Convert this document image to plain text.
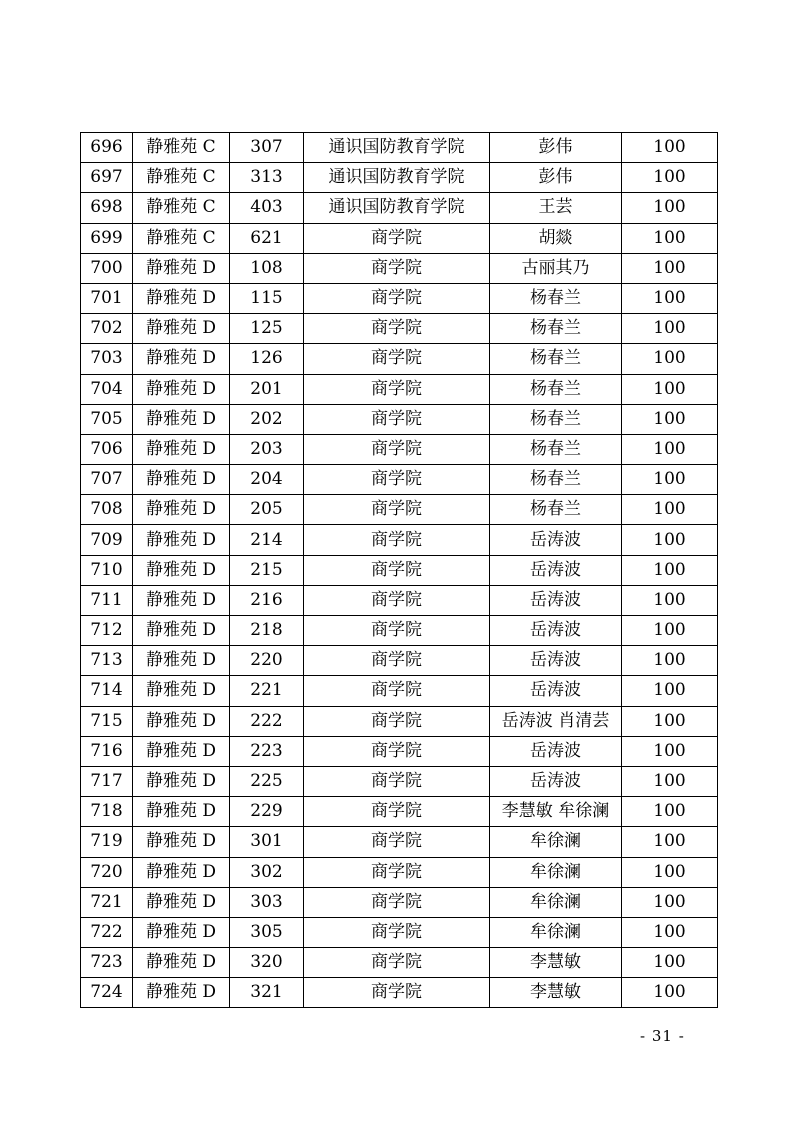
696	静雅苑 C	307	通识国防教育学院	彭伟	100
697	静雅苑 C	313	通识国防教育学院	彭伟	100
698	静雅苑 C	403	通识国防教育学院	王芸	100
699	静雅苑 C	621	商学院	胡燚	100
700	静雅苑 D	108	商学院	古丽其乃	100
701	静雅苑 D	115	商学院	杨春兰	100
702	静雅苑 D	125	商学院	杨春兰	100
703	静雅苑 D	126	商学院	杨春兰	100
704	静雅苑 D	201	商学院	杨春兰	100
705	静雅苑 D	202	商学院	杨春兰	100
706	静雅苑 D	203	商学院	杨春兰	100
707	静雅苑 D	204	商学院	杨春兰	100
708	静雅苑 D	205	商学院	杨春兰	100
709	静雅苑 D	214	商学院	岳涛波	100
710	静雅苑 D	215	商学院	岳涛波	100
711	静雅苑 D	216	商学院	岳涛波	100
712	静雅苑 D	218	商学院	岳涛波	100
713	静雅苑 D	220	商学院	岳涛波	100
714	静雅苑 D	221	商学院	岳涛波	100
715	静雅苑 D	222	商学院	岳涛波 肖清芸	100
716	静雅苑 D	223	商学院	岳涛波	100
717	静雅苑 D	225	商学院	岳涛波	100
718	静雅苑 D	229	商学院	李慧敏 牟徐澜	100
719	静雅苑 D	301	商学院	牟徐澜	100
720	静雅苑 D	302	商学院	牟徐澜	100
721	静雅苑 D	303	商学院	牟徐澜	100
722	静雅苑 D	305	商学院	牟徐澜	100
723	静雅苑 D	320	商学院	李慧敏	100
724	静雅苑 D	321	商学院	李慧敏	100
- 31 -
